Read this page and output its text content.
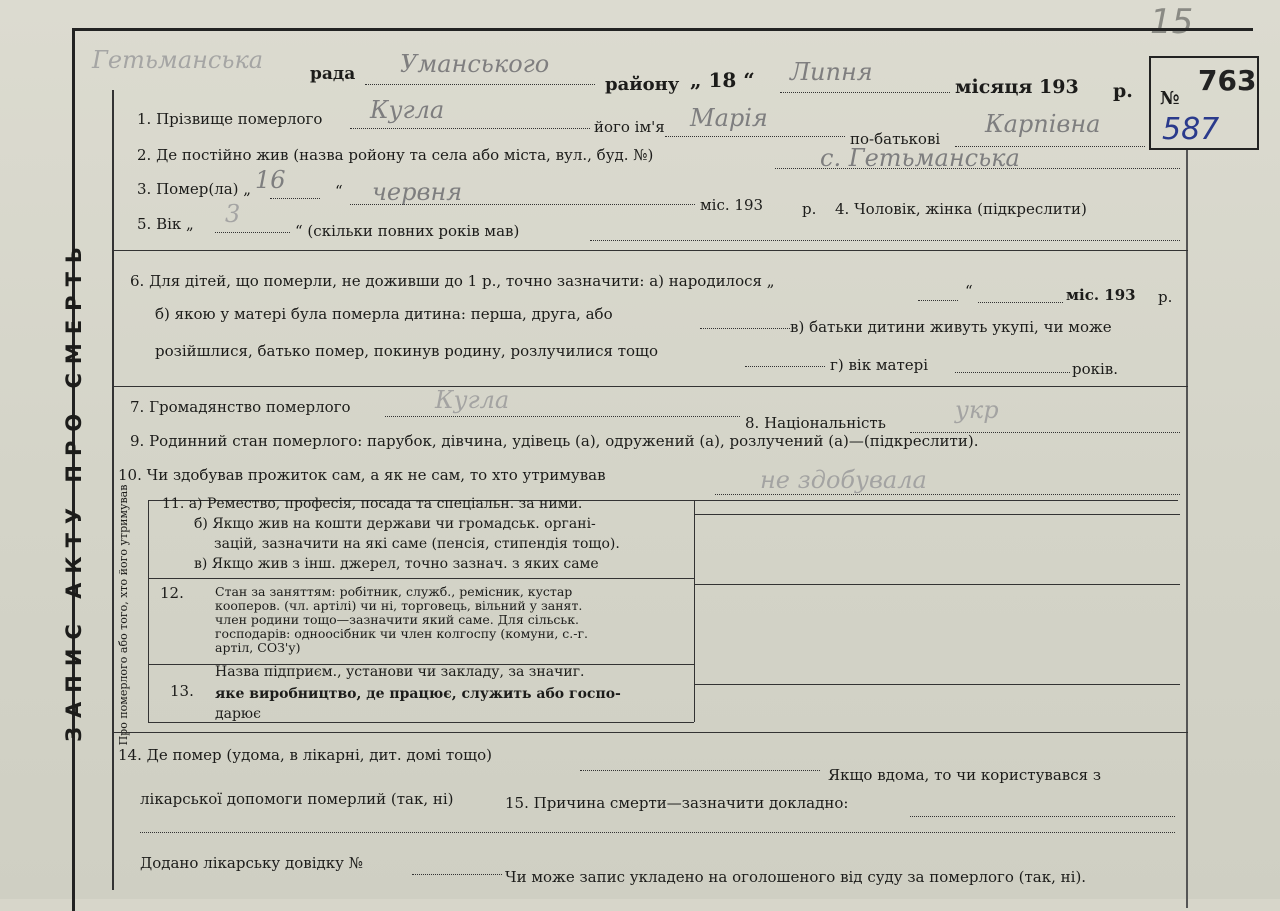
15
№
763
587
ЗАПИС АКТУ ПРО СМЕРТЬ	Про померлого або того, хто його утримував
Гетьманська	рада Уманського
району „ 18 “ Липня
місяця 193 р.
1. Прізвище померлого Кугла
його ім'я Марія
по-батькові
Карпівна
2. Де постійно жив (назва ройону та села або міста, вул., буд. №)	с. Гетьманська
3. Помер(ла) „ 16	“ червня	міс. 193	р. 4. Чоловік, жінка (підкреслити)
5. Вік „ 3
“ (скільки повних років мав)
6. Для дітей, що померли, не доживши до 1 р., точно зазначити: а) народилося „
“	міс. 193 р.
б) якою у матері була померла дитина: перша, друга, або
в) батьки дитини живуть укупі, чи може
розійшлися, батько помер, покинув родину, розлучилися тощо
г) вік матері	років.
7. Громадянство померлого	Кугла
8. Національність	укр
9. Родинний стан померлого: парубок, дівчина, удівець (а), одружений (а), розлучений (а)—(підкреслити).
10. Чи здобував прожиток сам, а як не сам, то хто утримував	не здобувала
11. а) Ремество, професія, посада та спеціальн. за ними.
б) Якщо жив на кошти держави чи громадськ. органі-
зацій, зазначити на які саме (пенсія, стипендія тощо).
в) Якщо жив з інш. джерел, точно зазнач. з яких саме
12. Стан за заняттям: робітник, служб., ремісник, кустар
кооперов. (чл. артілі) чи ні, торговець, вільний у занят.
член родини тощо—зазначити який саме. Для сільськ.
господарів: одноосібник чи член колгоспу (комуни, с.-г.
артіл, СОЗ'у)
13.
Назва підприєм., установи чи закладу, за значиг.
яке виробництво, де працює, служить або госпо-
дарює
14. Де помер (удома, в лікарні, дит. домі тощо)
Якщо вдома, то чи користувався з
лікарської допомоги померлий (так, ні)	15. Причина смерти—зазначити докладно:
Додано лікарську довідку №
Чи може запис укладено на оголошеного від суду за померлого (так, ні).
